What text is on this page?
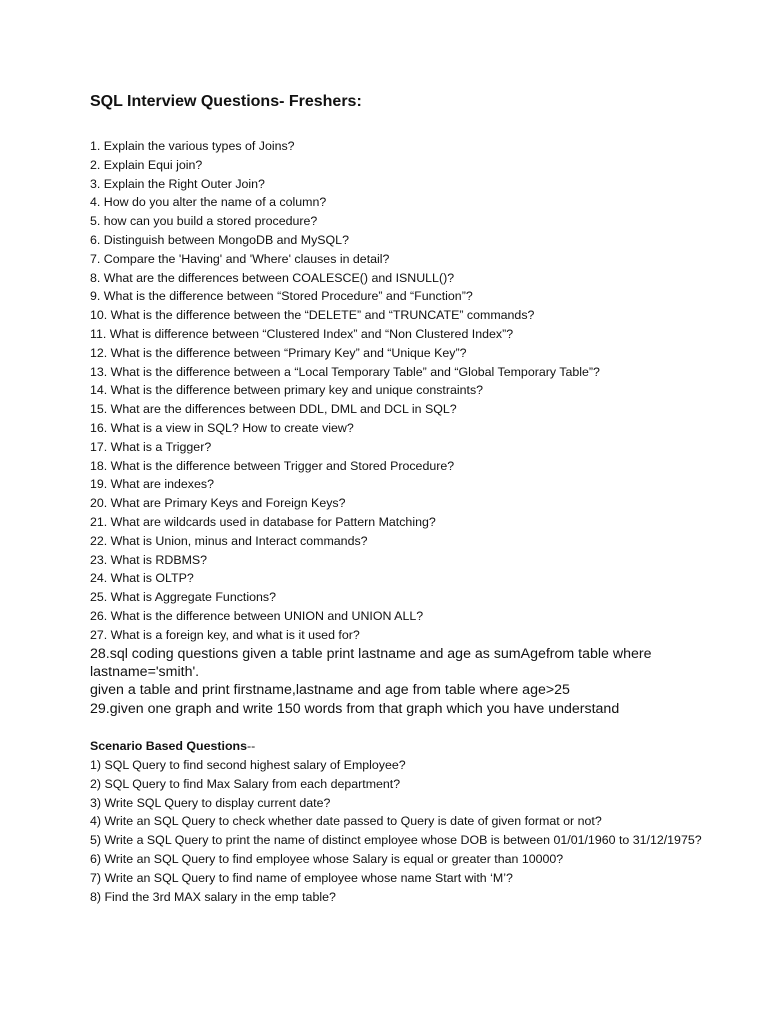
SQL Interview Questions- Freshers:
1. Explain the various types of Joins?
2. Explain Equi join?
3. Explain the Right Outer Join?
4. How do you alter the name of a column?
5. how can you build a stored procedure?
6. Distinguish between MongoDB and MySQL?
7. Compare the 'Having' and 'Where' clauses in detail?
8. What are the differences between COALESCE() and ISNULL()?
9. What is the difference between “Stored Procedure” and “Function”?
10. What is the difference between the “DELETE” and “TRUNCATE” commands?
11. What is difference between “Clustered Index” and “Non Clustered Index”?
12. What is the difference between “Primary Key” and “Unique Key”?
13. What is the difference between a “Local Temporary Table” and “Global Temporary Table”?
14. What is the difference between primary key and unique constraints?
15. What are the differences between DDL, DML and DCL in SQL?
16. What is a view in SQL? How to create view?
17. What is a Trigger?
18. What is the difference between Trigger and Stored Procedure?
19. What are indexes?
20. What are Primary Keys and Foreign Keys?
21. What are wildcards used in database for Pattern Matching?
22. What is Union, minus and Interact commands?
23. What is RDBMS?
24. What is OLTP?
25. What is Aggregate Functions?
26. What is the difference between UNION and UNION ALL?
27. What is a foreign key, and what is it used for?
28.sql coding questions given a table print lastname and age as sumAgefrom table where lastname='smith'.
given a table and print firstname,lastname and age from table where age>25
29.given one graph and write 150 words from that graph which you have understand
Scenario Based Questions--
1) SQL Query to find second highest salary of Employee?
2) SQL Query to find Max Salary from each department?
3) Write SQL Query to display current date?
4) Write an SQL Query to check whether date passed to Query is date of given format or not?
5) Write a SQL Query to print the name of distinct employee whose DOB is between 01/01/1960 to 31/12/1975?
6) Write an SQL Query to find employee whose Salary is equal or greater than 10000?
7) Write an SQL Query to find name of employee whose name Start with ‘M’?
8) Find the 3rd MAX salary in the emp table?
